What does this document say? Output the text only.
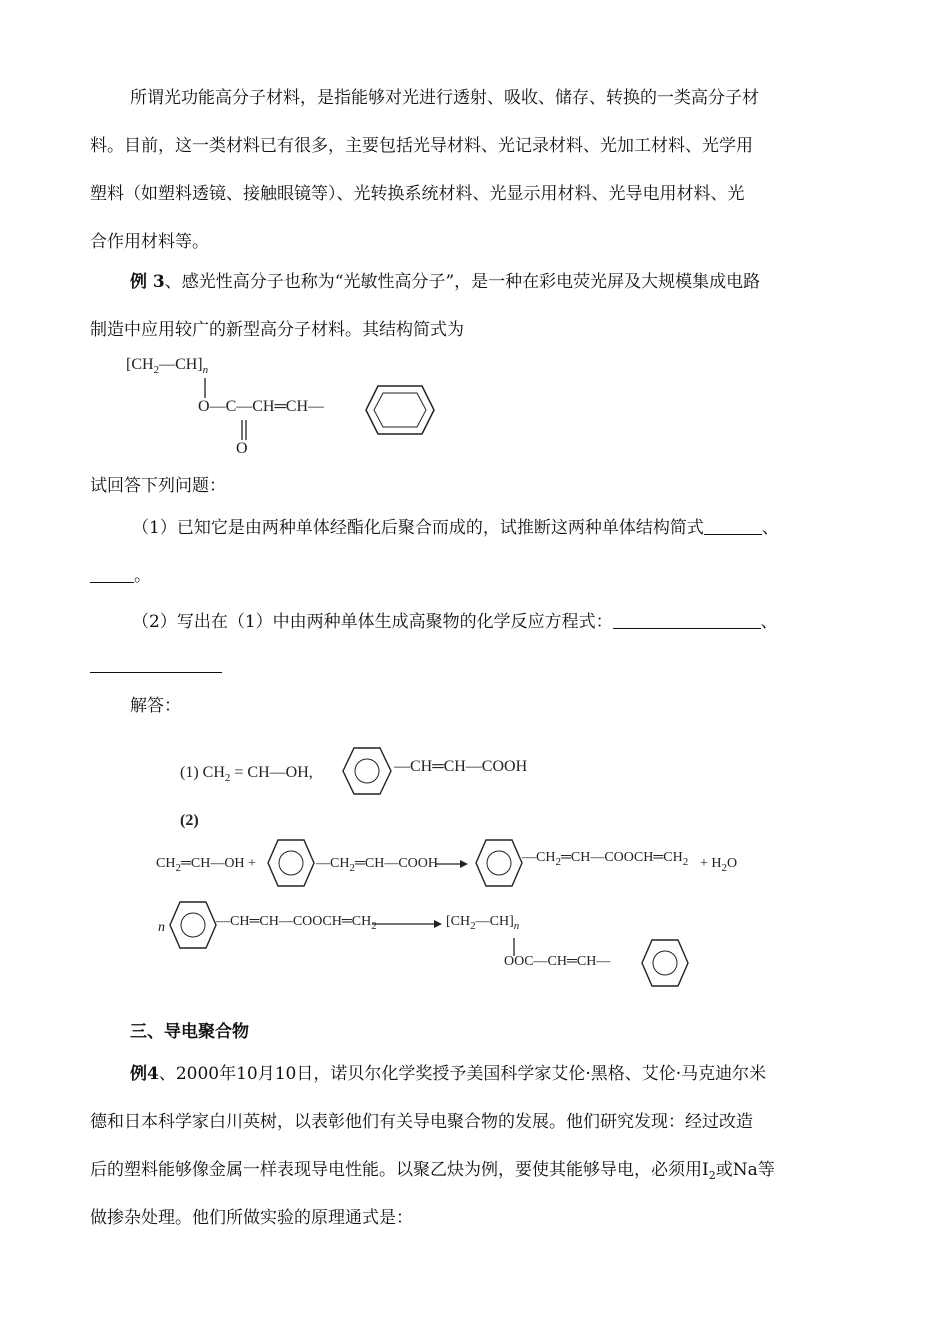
所谓光功能高分子材料，是指能够对光进行透射、吸收、储存、转换的一类高分子材
料。目前，这一类材料已有很多，主要包括光导材料、光记录材料、光加工材料、光学用
塑料（如塑料透镜、接触眼镜等）、光转换系统材料、光显示用材料、光导电用材料、光
合作用材料等。
例 3、感光性高分子也称为“光敏性高分子”，是一种在彩电荧光屏及大规模集成电路
制造中应用较广的新型高分子材料。其结构简式为
$[CH_2—CH]_n$
O—C—CH═CH—
O
试回答下列问题：
（1）已知它是由两种单体经酯化后聚合而成的，试推断这两种单体结构简式	、
。
（2）写出在（1）中由两种单体生成高聚物的化学反应方程式：	、
解答：
(1) $CH_2$ = CH—OH,	—CH═CH—COOH
(2)
$CH_2═CH—OH$ +	$—CH_2═CH—COOH$	$—CH_2═CH—COOCH═CH_2 + H_2O$
n	$—CH═CH—COOCH═CH_2$	$[CH_2—CH]_n$
OOC—CH═CH—
三、导电聚合物
例4、2000年10月10日，诺贝尔化学奖授予美国科学家艾伦·黑格、艾伦·马克迪尔米
德和日本科学家白川英树，以表彰他们有关导电聚合物的发展。他们研究发现：经过改造
后的塑料能够像金属一样表现导电性能。以聚乙炔为例，要使其能够导电，必须用$I_2$或Na等
做掺杂处理。他们所做实验的原理通式是：
